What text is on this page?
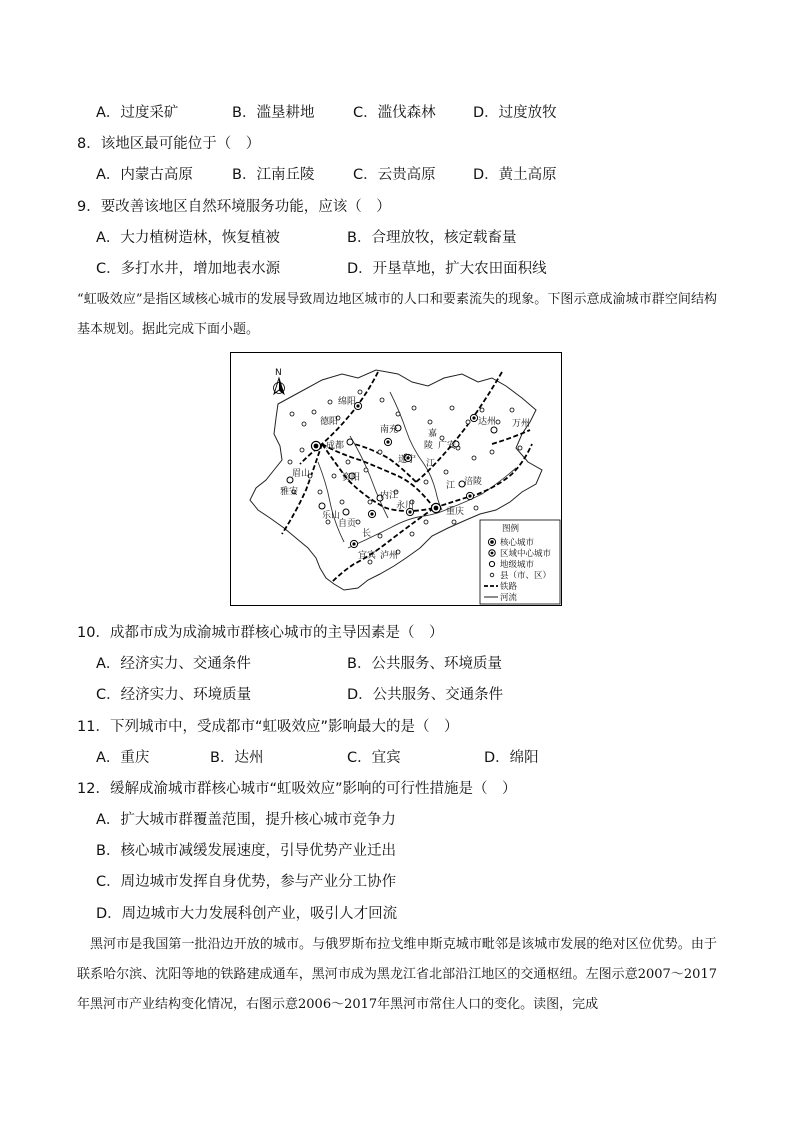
A．过度采矿	B．滥垦耕地	C．滥伐森林	D．过度放牧
8．该地区最可能位于（　）
A．内蒙古高原	B．江南丘陵	C．云贵高原	D．黄土高原
9．要改善该地区自然环境服务功能，应该（　）
A．大力植树造林，恢复植被	B．合理放牧，核定载畜量
C．多打水井，增加地表水源	D．开垦草地，扩大农田面积线
“虹吸效应”是指区域核心城市的发展导致周边地区城市的人口和要素流失的现象。下图示意成渝城市群空间结构基本规划。据此完成下面小题。
N
绵阳
德阳
成都
南充
达州 万州
广安
遂宁
眉山
雅安
资阳	涪陵
内江
永川
重庆
乐山
自贡
宜宾 泸州
嘉
陵
江
江
长	图例
核心城市
区域中心城市
地级城市
县（市、区）
铁路
河流
10．成都市成为成渝城市群核心城市的主导因素是（　）
A．经济实力、交通条件	B．公共服务、环境质量
C．经济实力、环境质量	D．公共服务、交通条件
11．下列城市中，受成都市“虹吸效应”影响最大的是（　）
A．重庆	B．达州	C．宜宾	D．绵阳
12．缓解成渝城市群核心城市“虹吸效应”影响的可行性措施是（　）
A．扩大城市群覆盖范围，提升核心城市竞争力
B．核心城市减缓发展速度，引导优势产业迁出
C．周边城市发挥自身优势，参与产业分工协作
D．周边城市大力发展科创产业，吸引人才回流
黑河市是我国第一批沿边开放的城市。与俄罗斯布拉戈维申斯克城市毗邻是该城市发展的绝对区位优势。由于联系哈尔滨、沈阳等地的铁路建成通车，黑河市成为黑龙江省北部沿江地区的交通枢纽。左图示意2007～2017年黑河市产业结构变化情况，右图示意2006～2017年黑河市常住人口的变化。读图，完成
